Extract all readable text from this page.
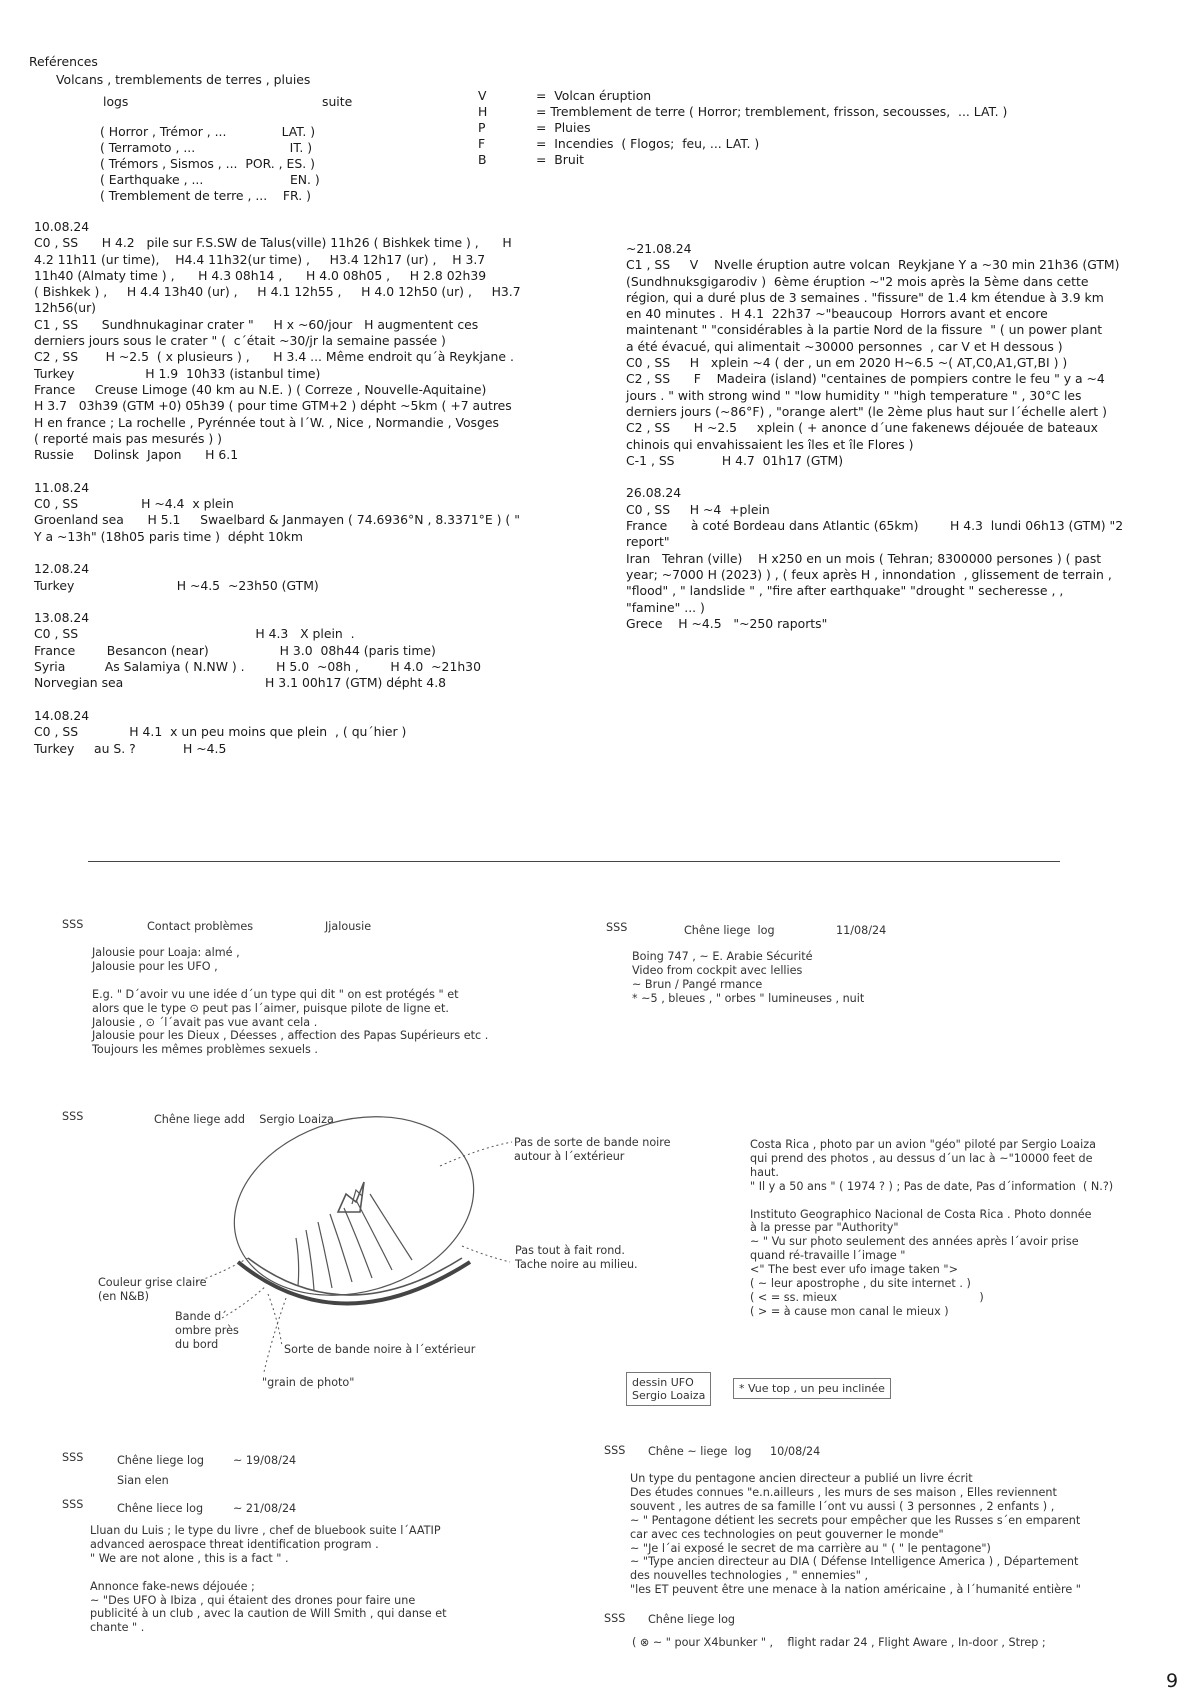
Reférences
Volcans , tremblements de terres , pluies
logs	suite
( Horror , Trémor , ...              LAT. )
( Terramoto , ...                        IT. )
( Trémors , Sismos , ...  POR. , ES. )
( Earthquake , ...                      EN. )
( Tremblement de terre , ...    FR. )
V	=  Volcan éruption
H	= Tremblement de terre ( Horror; tremblement, frisson, secousses,  ... LAT. )
P	=  Pluies
F	=  Incendies  ( Flogos;  feu, ... LAT. )
B	=  Bruit
10.08.24
C0 , SS      H 4.2   pile sur F.S.SW de Talus(ville) 11h26 ( Bishkek time ) ,      H
4.2 11h11 (ur time),    H4.4 11h32(ur time) ,     H3.4 12h17 (ur) ,    H 3.7
11h40 (Almaty time ) ,      H 4.3 08h14 ,      H 4.0 08h05 ,     H 2.8 02h39
( Bishkek ) ,     H 4.4 13h40 (ur) ,     H 4.1 12h55 ,     H 4.0 12h50 (ur) ,     H3.7
12h56(ur)
C1 , SS      Sundhnukaginar crater "     H x ~60/jour   H augmentent ces
derniers jours sous le crater " (  c´était ~30/jr la semaine passée )
C2 , SS       H ~2.5  ( x plusieurs ) ,      H 3.4 ... Même endroit qu´à Reykjane .
Turkey                  H 1.9  10h33 (istanbul time)
France     Creuse Limoge (40 km au N.E. ) ( Correze , Nouvelle-Aquitaine)
H 3.7   03h39 (GTM +0) 05h39 ( pour time GTM+2 ) dépht ~5km ( +7 autres
H en france ; La rochelle , Pyrénnée tout à l´W. , Nice , Normandie , Vosges
( reporté mais pas mesurés ) )
Russie     Dolinsk  Japon      H 6.1

11.08.24
C0 , SS                H ~4.4  x plein
Groenland sea      H 5.1     Swaelbard & Janmayen ( 74.6936°N , 8.3371°E ) ( "
Y a ~13h" (18h05 paris time )  dépht 10km

12.08.24
Turkey                          H ~4.5  ~23h50 (GTM)

13.08.24
C0 , SS                                             H 4.3   X plein  .
France        Besancon (near)                  H 3.0  08h44 (paris time)
Syria          As Salamiya ( N.NW ) .        H 5.0  ~08h ,        H 4.0  ~21h30
Norvegian sea                                    H 3.1 00h17 (GTM) dépht 4.8

14.08.24
C0 , SS             H 4.1  x un peu moins que plein  , ( qu´hier )
Turkey     au S. ?            H ~4.5
~21.08.24
C1 , SS     V    Nvelle éruption autre volcan  Reykjane Y a ~30 min 21h36 (GTM)
(Sundhnuksgigarodiv )  6ème éruption ~"2 mois après la 5ème dans cette
région, qui a duré plus de 3 semaines . "fissure" de 1.4 km étendue à 3.9 km
en 40 minutes .  H 4.1  22h37 ~"beaucoup  Horrors avant et encore
maintenant " "considérables à la partie Nord de la fissure  " ( un power plant
a été évacué, qui alimentait ~30000 personnes  , car V et H dessous )
C0 , SS     H   xplein ~4 ( der , un em 2020 H~6.5 ~( AT,C0,A1,GT,BI ) )
C2 , SS      F    Madeira (island) "centaines de pompiers contre le feu " y a ~4
jours . " with strong wind " "low humidity " "high temperature " , 30°C les
derniers jours (~86°F) , "orange alert" (le 2ème plus haut sur l´échelle alert )
C2 , SS      H ~2.5     xplein ( + anonce d´une fakenews déjouée de bateaux
chinois qui envahissaient les îles et île Flores )
C-1 , SS            H 4.7  01h17 (GTM)

26.08.24
C0 , SS     H ~4  +plein
France      à coté Bordeau dans Atlantic (65km)        H 4.3  lundi 06h13 (GTM) "2
report"
Iran   Tehran (ville)    H x250 en un mois ( Tehran; 8300000 persones ) ( past
year; ~7000 H (2023) ) , ( feux après H , innondation  , glissement de terrain ,
"flood" , " landslide " , "fire after earthquake" "drought " secheresse , ,
"famine" ... )
Grece    H ~4.5   "~250 raports"
SSS	Contact problèmes	Jjalousie
Jalousie pour Loaja: almé ,
Jalousie pour les UFO ,

E.g. " D´avoir vu une idée d´un type qui dit " on est protégés " et
alors que le type ⊙ peut pas l´aimer, puisque pilote de ligne et.
Jalousie , ⊙ ´l´avait pas vue avant cela .
Jalousie pour les Dieux , Déesses , affection des Papas Supérieurs etc .
Toujours les mêmes problèmes sexuels .
SSS	Chêne liege  log	11/08/24
Boing 747 , ~ E. Arabie Sécurité
Video from cockpit avec lellies
~ Brun / Pangé rmance
* ~5 , bleues , " orbes " lumineuses , nuit
SSS	Chêne liege add    Sergio Loaiza
Pas de sorte de bande noire
autour à l´extérieur
Pas tout à fait rond.
Tache noire au milieu.
Couleur grise claire
(en N&B)
Bande d´
ombre près
du bord	Sorte de bande noire à l´extérieur
"grain de photo"
Costa Rica , photo par un avion "géo" piloté par Sergio Loaiza
qui prend des photos , au dessus d´un lac à ~"10000 feet de
haut.
" Il y a 50 ans " ( 1974 ? ) ; Pas de date, Pas d´information  ( N.?)

Instituto Geographico Nacional de Costa Rica . Photo donnée
à la presse par "Authority"
~ " Vu sur photo seulement des années après l´avoir prise
quand ré-travaille l´image "
<" The best ever ufo image taken ">
( ~ leur apostrophe , du site internet . )
( < = ss. mieux                                        )
( > = à cause mon canal le mieux )
dessin UFO
Sergio Loaiza
* Vue top , un peu inclinée
SSS	Chêne liege log	~ 19/08/24
Sian elen
SSS	Chêne liece log	~ 21/08/24
Lluan du Luis ; le type du livre , chef de bluebook suite l´AATIP
advanced aerospace threat identification program .
" We are not alone , this is a fact " .

Annonce fake-news déjouée ;
~ "Des UFO à Ibiza , qui étaient des drones pour faire une
publicité à un club , avec la caution de Will Smith , qui danse et
chante " .
SSS Chêne ~ liege  log 10/08/24
Un type du pentagone ancien directeur a publié un livre écrit
Des études connues "e.n.ailleurs , les murs de ses maison , Elles reviennent
souvent , les autres de sa famille l´ont vu aussi ( 3 personnes , 2 enfants ) ,
~ " Pentagone détient les secrets pour empêcher que les Russes s´en emparent
car avec ces technologies on peut gouverner le monde"
~ "Je l´ai exposé le secret de ma carrière au " ( " le pentagone")
~ "Type ancien directeur au DIA ( Défense Intelligence America ) , Département
des nouvelles technologies , " ennemies" ,
"les ET peuvent être une menace à la nation américaine , à l´humanité entière "
SSS Chêne liege log
( ⊗ ~ " pour X4bunker " ,    flight radar 24 , Flight Aware , In-door , Strep ;
9
